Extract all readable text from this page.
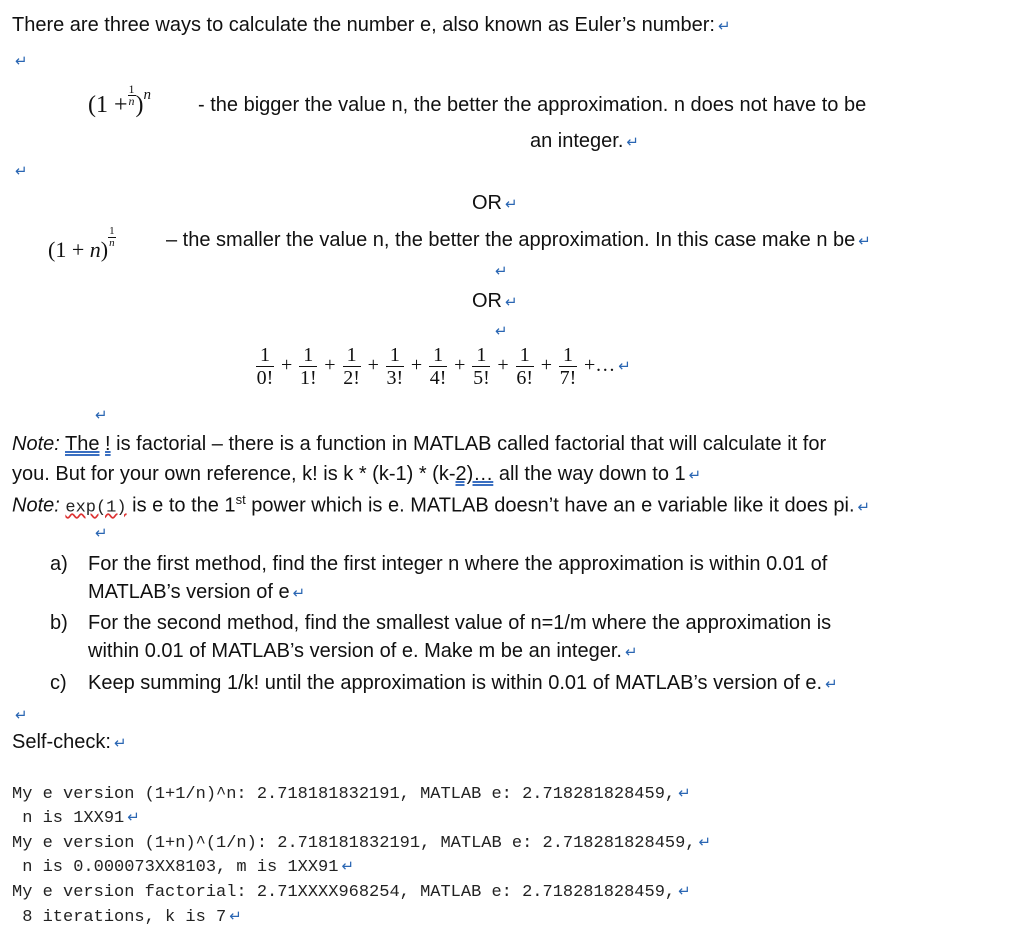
There are three ways to calculate the number e, also known as Euler’s number: ↵
↵
$(1 + \frac{1}{n} )^n$ - the bigger the value n, the better the approximation. n does not have to be
an integer. ↵
↵
OR ↵
$(1 + n) \frac{1}{n}$	– the smaller the value n, the better the approximation. In this case make n be ↵
↵
OR ↵
↵
$\frac{1}{0!} + \frac{1}{1!} + \frac{1}{2!} + \frac{1}{3!} + \frac{1}{4!} + \frac{1}{5!} + \frac{1}{6!} + \frac{1}{7!}$ +… ↵
↵
Note: The ! is factorial – there is a function in MATLAB called factorial that will calculate it for
you. But for your own reference, k! is k * (k-1) * (k-2)… all the way down to 1 ↵
Note: exp(1) is e to the 1st power which is e. MATLAB doesn’t have an e variable like it does pi. ↵
↵
a) For the first method, find the first integer n where the approximation is within 0.01 of
MATLAB’s version of e ↵
b) For the second method, find the smallest value of n=1/m where the approximation is
within 0.01 of MATLAB’s version of e. Make m be an integer. ↵
c) Keep summing 1/k! until the approximation is within 0.01 of MATLAB’s version of e. ↵
↵
Self-check: ↵

My e version (1+1/n)^n: 2.718181832191, MATLAB e: 2.718281828459, ↵
n is 1XX91 ↵
My e version (1+n)^(1/n): 2.718181832191, MATLAB e: 2.718281828459, ↵
n is 0.000073XX8103, m is 1XX91 ↵
My e version factorial: 2.71XXXX968254, MATLAB e: 2.718281828459, ↵
8 iterations, k is 7 ↵
